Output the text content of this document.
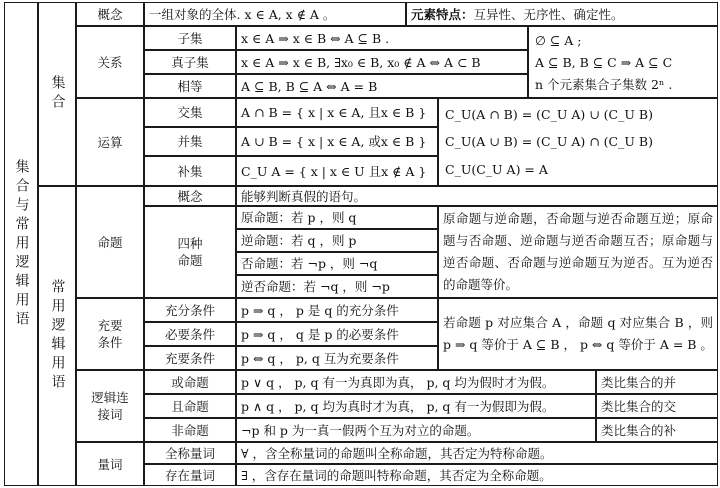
集合与常用逻辑用语
集合
概念 一组对象的全体. x ∈ A, x ∉ A 。	元素特点： 互异性、无序性、确定性。
关系
子集	x ∈ A ⇒ x ∈ B ⇔ A ⊆ B .
真子集	x ∈ A ⇒ x ∈ B, ∃x₀ ∈ B, x₀ ∉ A ⇔ A ⊂ B
相等	A ⊆ B, B ⊆ A ⇔ A = B
∅ ⊆ A ;
A ⊆ B, B ⊆ C ⇒ A ⊆ C
n 个元素集合子集数 2ⁿ .
运算
交集	A ∩ B = { x | x ∈ A, 且x ∈ B }
并集	A ∪ B = { x | x ∈ A, 或x ∈ B }
补集	C_U A = { x | x ∈ U 且x ∉ A }
C_U(A ∩ B) = (C_U A) ∪ (C_U B)
C_U(A ∪ B) = (C_U A) ∩ (C_U B)
C_U(C_U A) = A
常用逻辑用语
命题
概念	能够判断真假的语句。
四种命题
原命题：若 p ，则 q
逆命题：若 q ，则 p
否命题：若 ¬p ，则 ¬q
逆否命题：若 ¬q ，则 ¬p
原命题与逆命题，否命题与逆否命题互逆；原命题与否命题、逆命题与逆否命题互否；原命题与逆否命题、否命题与逆命题互为逆否。互为逆否的命题等价。
充要条件
充分条件 p ⇒ q ， p 是 q 的充分条件
必要条件 p ⇒ q ， q 是 p 的必要条件
充要条件 p ⇔ q ， p, q 互为充要条件
若命题 p 对应集合 A ，命题 q 对应集合 B ，则 p ⇒ q 等价于 A ⊆ B ， p ⇔ q 等价于 A = B 。
逻辑连接词
或命题	p ∨ q ， p, q 有一为真即为真， p, q 均为假时才为假。	类比集合的并
且命题	p ∧ q ， p, q 均为真时才为真， p, q 有一为假即为假。	类比集合的交
非命题	¬p 和 p 为一真一假两个互为对立的命题。	类比集合的补
量词
全称量词 ∀ ，含全称量词的命题叫全称命题，其否定为特称命题。
存在量词 ∃ ，含存在量词的命题叫特称命题，其否定为全称命题。
